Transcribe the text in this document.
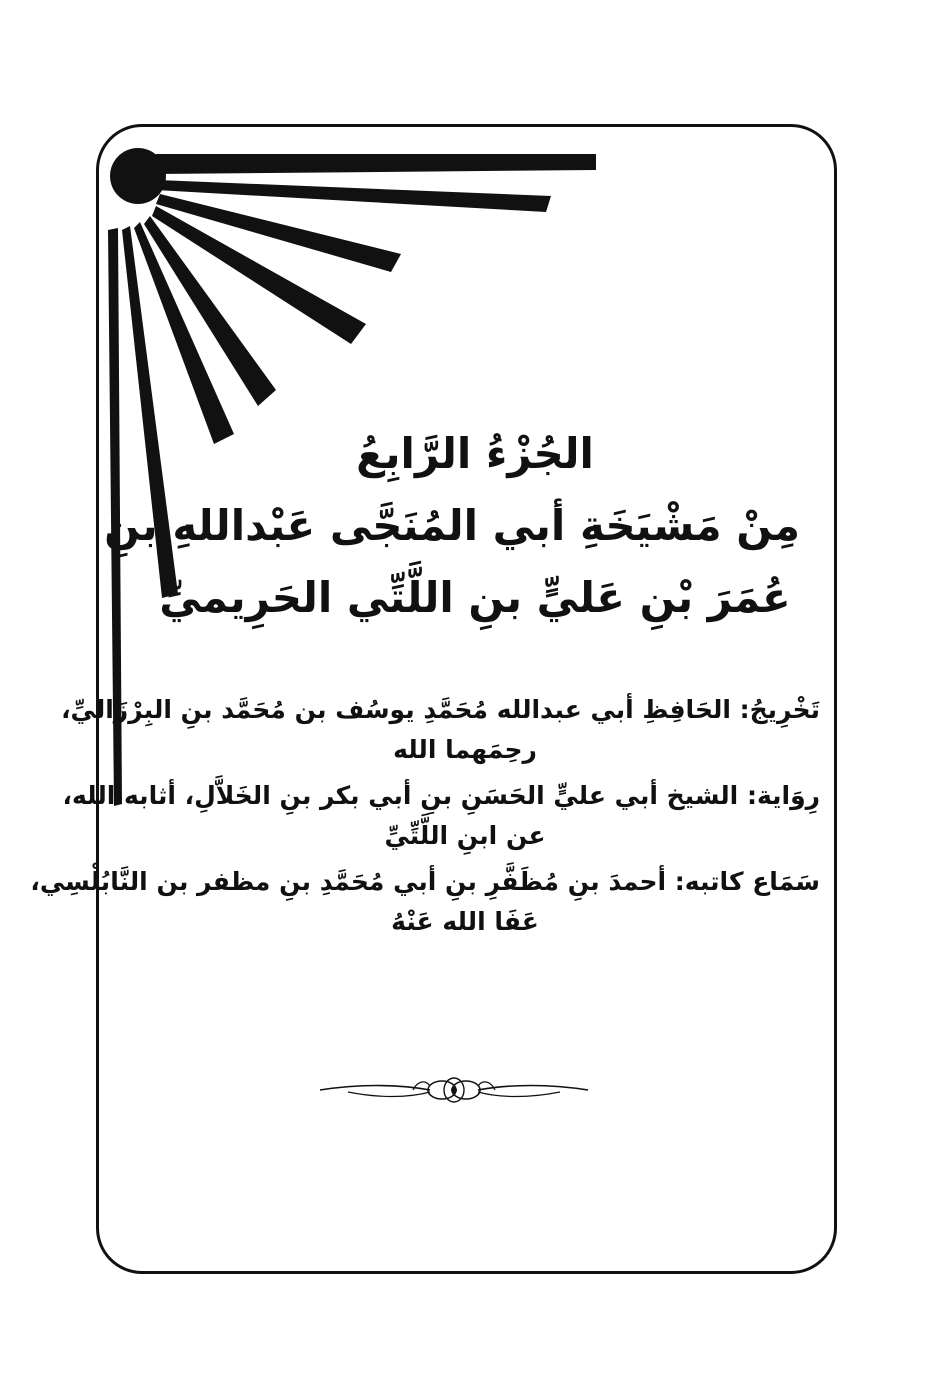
الجُزْءُ الرَّابِعُ
مِنْ مَشْيَخَةِ أبي المُنَجَّى عَبْداللهِ بنِ
عُمَرَ بْنِ عَليٍّ بنِ اللَّتِّي الحَرِيميِّ
تَخْرِيجُ: الحَافِظِ أبي عبدالله مُحَمَّدِ يوسُف بن مُحَمَّد بنِ البِرْزَاليِّ،
رحِمَهما الله
رِوَاية: الشيخ أبي عليٍّ الحَسَنِ بنِ أبي بكر بنِ الخَلاَّلِ، أثابه الله،
عن ابنِ اللَّتِّيِّ
سَمَاع كاتبه: أحمدَ بنِ مُظَفَّرِ بنِ أبي مُحَمَّدِ بنِ مظفر بن النَّابُلْسِي،
عَفَا الله عَنْهُ
